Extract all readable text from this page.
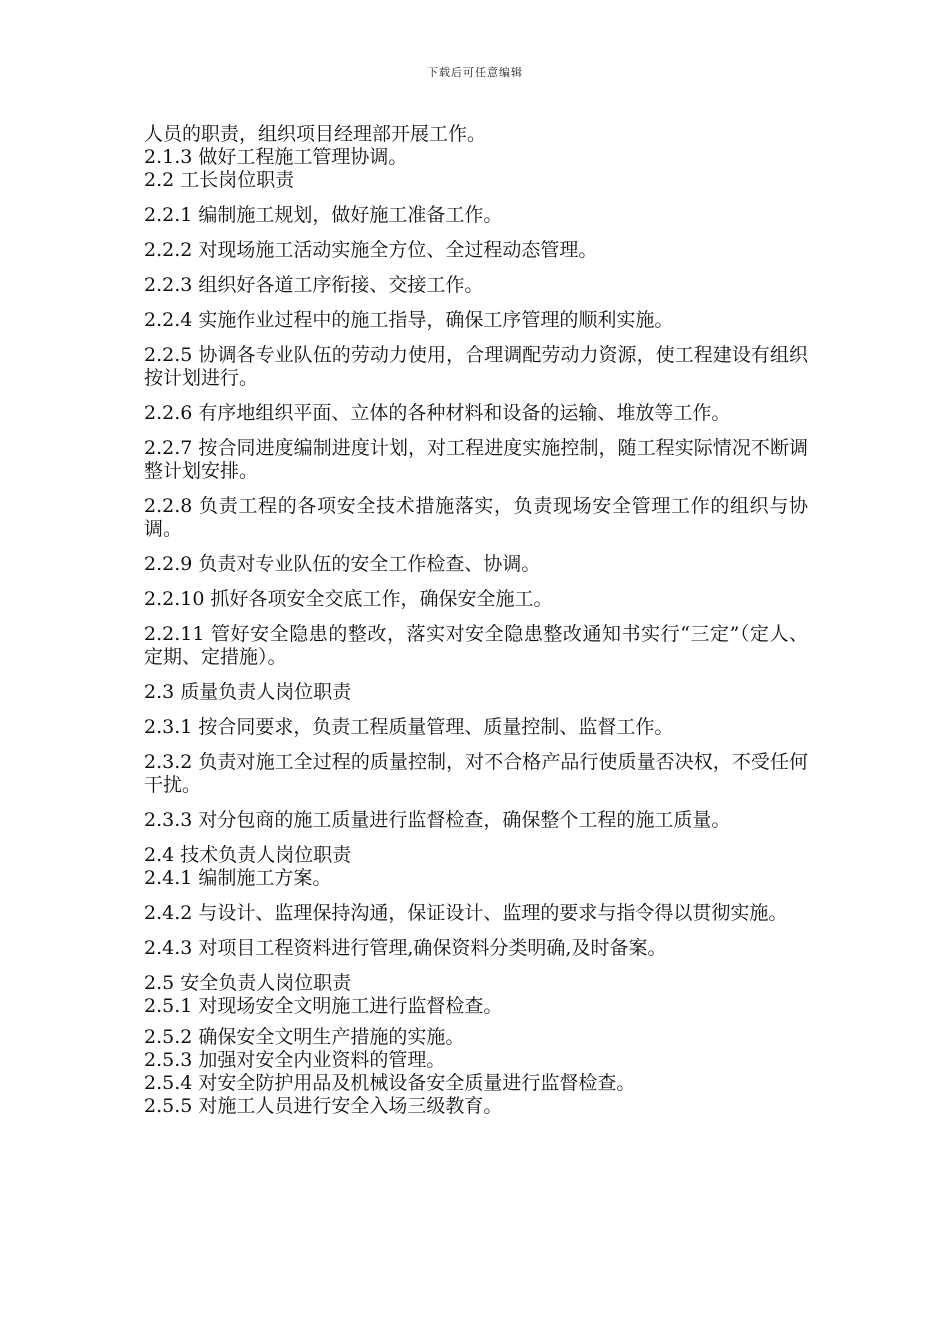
下载后可任意编辑
人员的职责，组织项目经理部开展工作。
2.1.3 做好工程施工管理协调。
2.2 工长岗位职责
2.2.1 编制施工规划，做好施工准备工作。
2.2.2 对现场施工活动实施全方位、全过程动态管理。
2.2.3 组织好各道工序衔接、交接工作。
2.2.4 实施作业过程中的施工指导，确保工序管理的顺利实施。
2.2.5 协调各专业队伍的劳动力使用，合理调配劳动力资源，使工程建设有组织按计划进行。
2.2.6 有序地组织平面、立体的各种材料和设备的运输、堆放等工作。
2.2.7 按合同进度编制进度计划，对工程进度实施控制，随工程实际情况不断调整计划安排。
2.2.8 负责工程的各项安全技术措施落实，负责现场安全管理工作的组织与协调。
2.2.9 负责对专业队伍的安全工作检查、协调。
2.2.10 抓好各项安全交底工作，确保安全施工。
2.2.11 管好安全隐患的整改，落实对安全隐患整改通知书实行“三定”（定人、定期、定措施）。
2.3 质量负责人岗位职责
2.3.1 按合同要求，负责工程质量管理、质量控制、监督工作。
2.3.2 负责对施工全过程的质量控制，对不合格产品行使质量否决权，不受任何干扰。
2.3.3 对分包商的施工质量进行监督检查，确保整个工程的施工质量。
2.4 技术负责人岗位职责
2.4.1 编制施工方案。
2.4.2 与设计、监理保持沟通，保证设计、监理的要求与指令得以贯彻实施。
2.4.3 对项目工程资料进行管理,确保资料分类明确,及时备案。
2.5 安全负责人岗位职责
2.5.1 对现场安全文明施工进行监督检查。
2.5.2 确保安全文明生产措施的实施。
2.5.3 加强对安全内业资料的管理。
2.5.4 对安全防护用品及机械设备安全质量进行监督检查。
2.5.5 对施工人员进行安全入场三级教育。
